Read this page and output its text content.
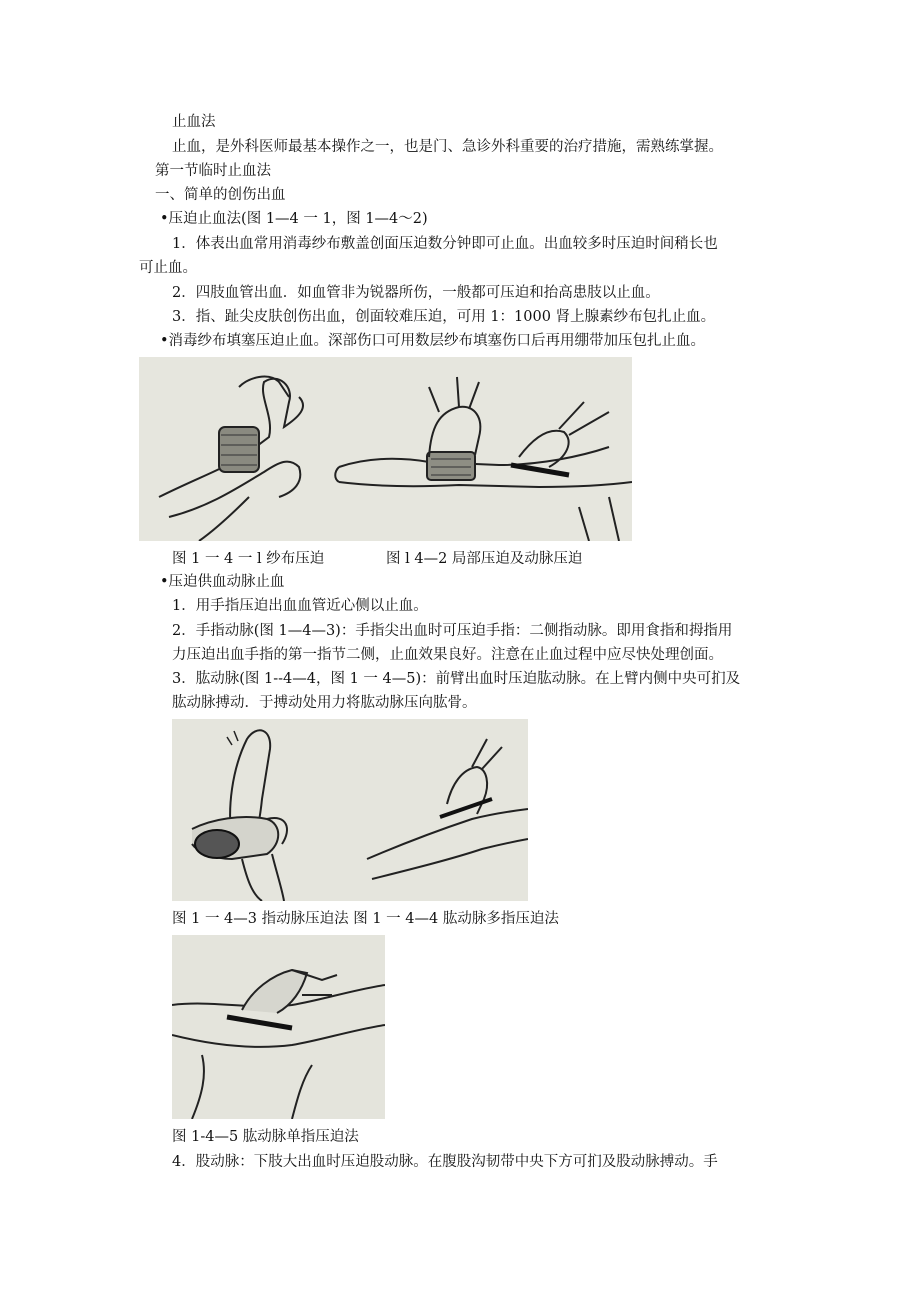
止血法
止血，是外科医师最基本操作之一，也是门、急诊外科重要的治疗措施，需熟练掌握。
第一节临时止血法
一、简单的创伤出血
•压迫止血法(图 1—4 一 1，图 1—4～2)
1．体表出血常用消毒纱布敷盖创面压迫数分钟即可止血。出血较多时压迫时间稍长也
可止血。
2．四肢血管出血．如血管非为锐器所伤，一般都可压迫和抬高患肢以止血。
3．指、趾尖皮肤创伤出血，创面较难压迫，可用 1：1000 肾上腺素纱布包扎止血。
•消毒纱布填塞压迫止血。深部伤口可用数层纱布填塞伤口后再用绷带加压包扎止血。
图 1 一 4 一 l 纱布压迫	图 l 4—2 局部压迫及动脉压迫
•压迫供血动脉止血
1．用手指压迫出血血管近心侧以止血。
2．手指动脉(图 1—4—3)：手指尖出血时可压迫手指：二侧指动脉。即用食指和拇指用
力压迫出血手指的第一指节二侧，止血效果良好。注意在止血过程中应尽快处理创面。
3．肱动脉(图 1--4—4，图 1 一 4—5)：前臂出血时压迫肱动脉。在上臂内侧中央可扪及
肱动脉搏动．于搏动处用力将肱动脉压向肱骨。
图 1 一 4—3 指动脉压迫法 图 1 一 4—4 肱动脉多指压迫法
图 1-4—5 肱动脉单指压迫法
4．股动脉：下肢大出血时压迫股动脉。在腹股沟韧带中央下方可扪及股动脉搏动。手
